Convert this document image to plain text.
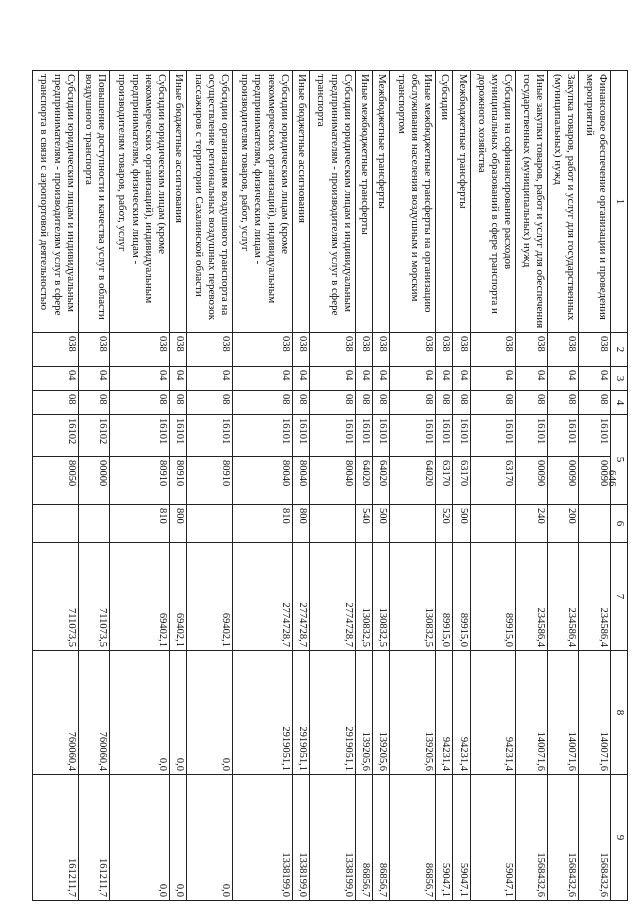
646
1	2	3	4	5		6	7	8	9
Финансовое обеспечение организации и проведения мероприятий	038	04	08	16101	00090		234586,4	140071,6	1568432,6
Закупка товаров, работ и услуг для государственных (муниципальных) нужд	038	04	08	16101	00090	200	234586,4	140071,6	1568432,6
Иные закупки товаров, работ и услуг для обеспечения государственных (муниципальных) нужд	038	04	08	16101	00090	240	234586,4	140071,6	1568432,6
Субсидии на софинансирование расходов муниципальных образований в сфере транспорта и дорожного хозяйства	038	04	08	16101	63170		89915,0	94231,4	59047,1
Межбюджетные трансферты	038	04	08	16101	63170	500	89915,0	94231,4	59047,1
Субсидии	038	04	08	16101	63170	520	89915,0	94231,4	59047,1
Иные межбюджетные трансферты на организацию обслуживания населения воздушным и морским транспортом	038	04	08	16101	64020		130832,5	139205,6	86856,7
Межбюджетные трансферты	038	04	08	16101	64020	500	130832,5	139205,6	86856,7
Иные межбюджетные трансферты	038	04	08	16101	64020	540	130832,5	139205,6	86856,7
Субсидии юридическим лицам и индивидуальным предпринимателям - производителям услуг в сфере транспорта	038	04	08	16101	80040		2774728,7	2919051,1	1338199,0
Иные бюджетные ассигнования	038	04	08	16101	80040	800	2774728,7	2919051,1	1338199,0
Субсидии юридическим лицам (кроме некоммерческих организаций), индивидуальным предпринимателям, физическим лицам - производителям товаров, работ, услуг	038	04	08	16101	80040	810	2774728,7	2919051,1	1338199,0
Субсидии организациям воздушного транспорта на осуществление региональных воздушных перевозок пассажиров с территории Сахалинской области	038	04	08	16101	80910		69402,1	0,0	0,0
Иные бюджетные ассигнования	038	04	08	16101	80910	800	69402,1	0,0	0,0
Субсидии юридическим лицам (кроме некоммерческих организаций), индивидуальным предпринимателям, физическим лицам - производителям товаров, работ, услуг	038	04	08	16101	80910	810	69402,1	0,0	0,0
Повышение доступности и качества услуг в области воздушного транспорта	038	04	08	16102	00000		711073,5	760060,4	161211,7
Субсидии юридическим лицам и индивидуальным предпринимателям - производителям услуг в сфере транспорта в связи с аэропортовой деятельностью	038	04	08	16102	80050		711073,5	760060,4	161211,7
